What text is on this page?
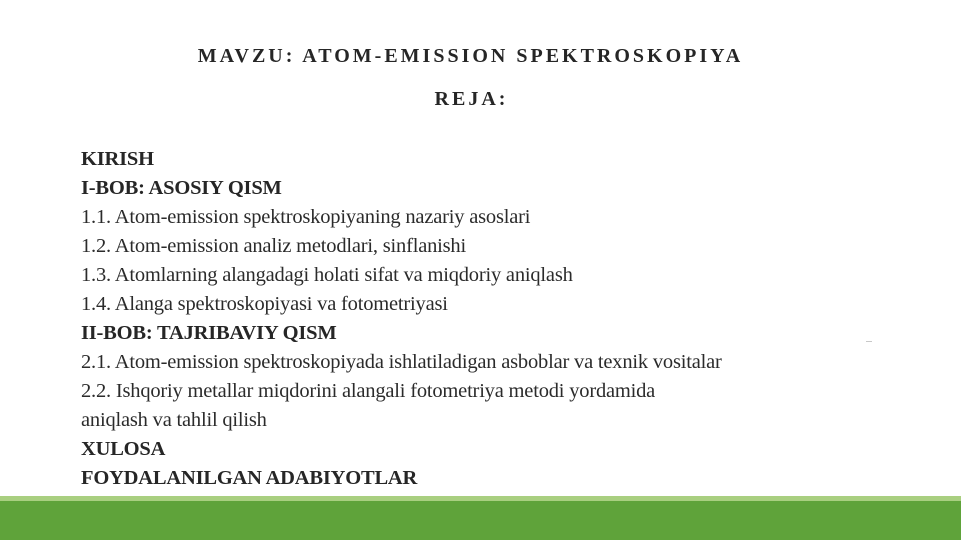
MAVZU: ATOM-EMISSION SPEKTROSKOPIYA
REJA:
KIRISH
I-BOB: ASOSIY QISM
1.1. Atom-emission spektroskopiyaning nazariy asoslari
1.2. Atom-emission analiz metodlari, sinflanishi
1.3. Atomlarning alangadagi holati sifat va miqdoriy aniqlash
1.4. Alanga spektroskopiyasi va fotometriyasi
II-BOB: TAJRIBAVIY QISM
2.1. Atom-emission spektroskopiyada ishlatiladigan asboblar va texnik vositalar
2.2. Ishqoriy metallar miqdorini alangali fotometriya metodi yordamida
aniqlash va tahlil qilish
XULOSA
FOYDALANILGAN ADABIYOTLAR
